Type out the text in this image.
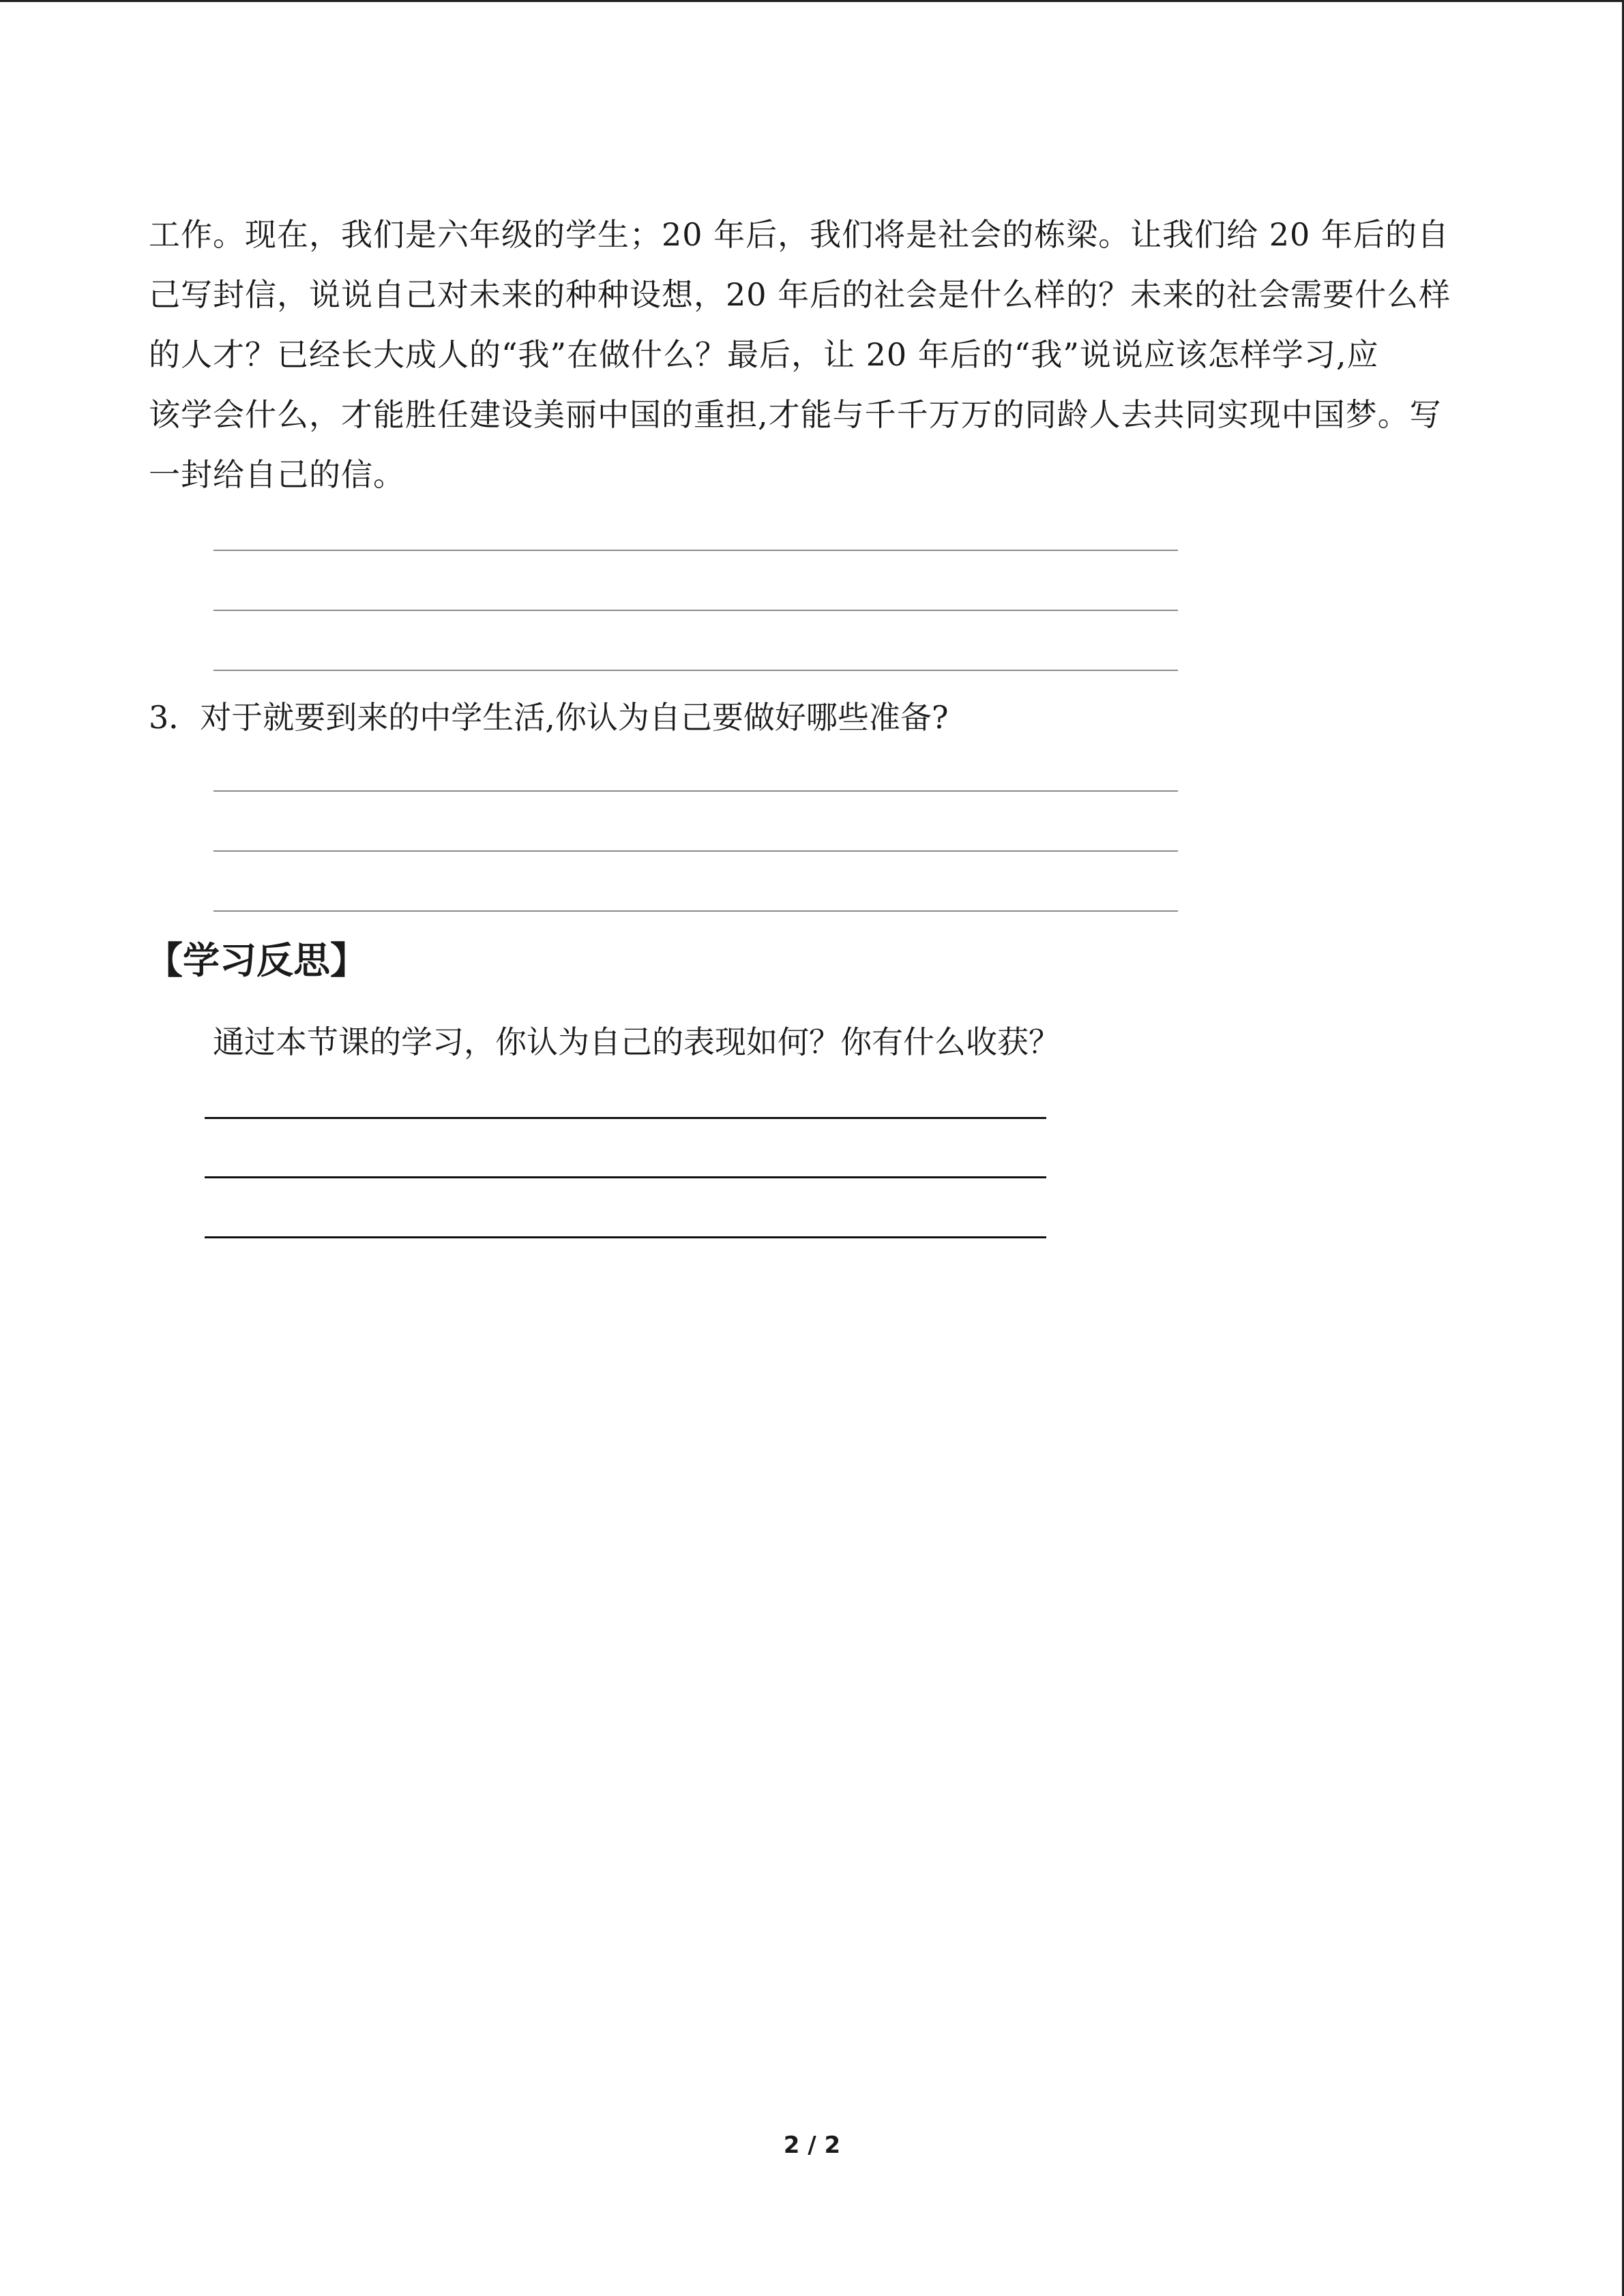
工作。现在，我们是六年级的学生；20 年后，我们将是社会的栋梁。让我们给 20 年后的自
己写封信，说说自己对未来的种种设想，20 年后的社会是什么样的？未来的社会需要什么样
的人才？已经长大成人的“我”在做什么？最后，让 20 年后的“我”说说应该怎样学习,应
该学会什么，才能胜任建设美丽中国的重担,才能与千千万万的同龄人去共同实现中国梦。写
一封给自己的信。
3．对于就要到来的中学生活,你认为自己要做好哪些准备?
【学习反思】
通过本节课的学习，你认为自己的表现如何？你有什么收获？
2 / 2
